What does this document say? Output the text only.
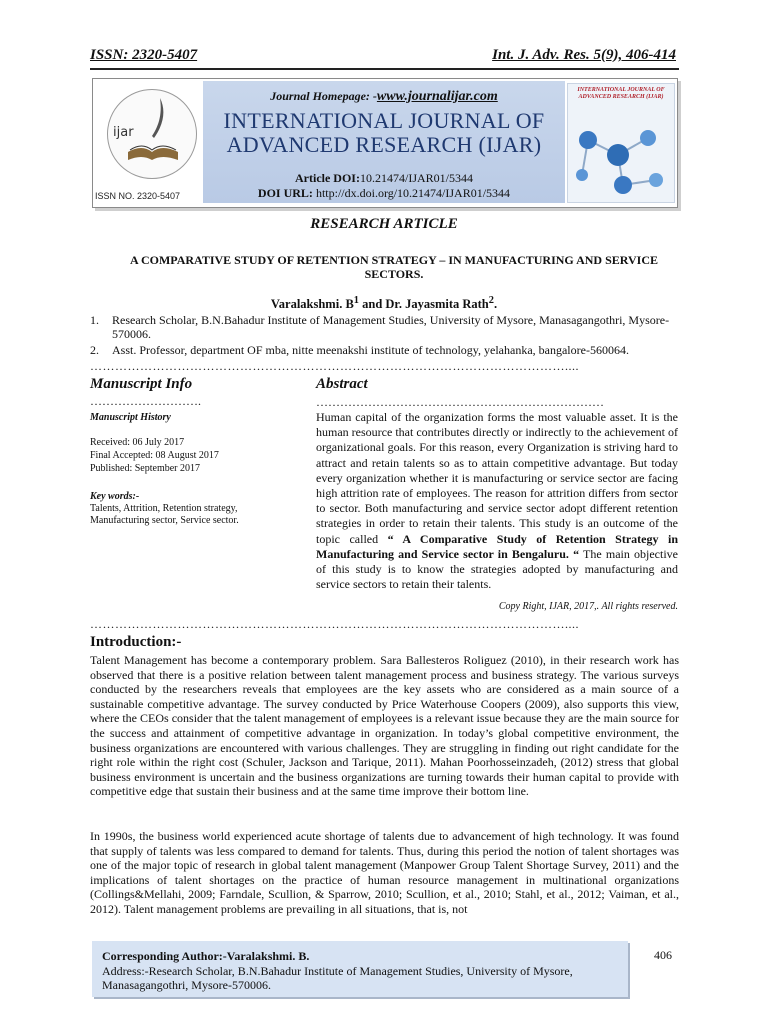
ISSN: 2320-5407	Int. J. Adv. Res. 5(9), 406-414
ijar
ISSN NO. 2320-5407
Journal Homepage: -www.journalijar.com
INTERNATIONAL JOURNAL OF
ADVANCED RESEARCH (IJAR)
Article DOI:10.21474/IJAR01/5344
DOI URL: http://dx.doi.org/10.21474/IJAR01/5344
INTERNATIONAL JOURNAL OF ADVANCED RESEARCH (IJAR)
RESEARCH ARTICLE
A COMPARATIVE STUDY OF RETENTION STRATEGY – IN MANUFACTURING AND SERVICE SECTORS.
Varalakshmi. $B^1$ and Dr. Jayasmita Rath$^2$.
1. Research Scholar, B.N.Bahadur Institute of Management Studies, University of Mysore, Manasagangothri, Mysore-570006.
2. Asst. Professor, department OF mba, nitte meenakshi institute of technology, yelahanka, bangalore-560064.
……………………………………………………………………………………………………....
Manuscript Info
……………………….
Manuscript History
Received: 06 July 2017
Final Accepted: 08 August 2017
Published: September 2017
Key words:-
Talents, Attrition, Retention strategy,
Manufacturing sector, Service sector.
Abstract
………………………………………………………………
Human capital of the organization forms the most valuable asset. It is the human resource that contributes directly or indirectly to the achievement of organizational goals. For this reason, every Organization is striving hard to attract and retain talents so as to attain competitive advantage. But today every organization whether it is manufacturing or service sector are facing high attrition rate of employees. The reason for attrition differs from sector to sector. Both manufacturing and service sector adopt different retention strategies in order to retain their talents. This study is an outcome of the topic called “ A Comparative Study of Retention Strategy in Manufacturing and Service sector in Bengaluru. “ The main objective of this study is to know the strategies adopted by manufacturing and service sectors to retain their talents.
Copy Right, IJAR, 2017,. All rights reserved.
……………………………………………………………………………………………………....
Introduction:-
Talent Management has become a contemporary problem. Sara Ballesteros Roliguez (2010), in their research work has observed that there is a positive relation between talent management process and business strategy. The various surveys conducted by the researchers reveals that employees are the key assets who are considered as a main source of a sustainable competitive advantage. The survey conducted by Price Waterhouse Coopers (2009), also supports this view, where the CEOs consider that the talent management of employees is a relevant issue because they are the main source for the success and attainment of competitive advantage in organization. In today’s global competitive environment, the business organizations are encountered with various challenges. They are struggling in finding out right candidate for the right role within the right cost (Schuler, Jackson and Tarique, 2011). Mahan Poorhosseinzadeh, (2012) stress that global business environment is uncertain and the business organizations are turning towards their human capital to provide with competitive edge that sustain their business and at the same time improve their bottom line.
In 1990s, the business world experienced acute shortage of talents due to advancement of high technology. It was found that supply of talents was less compared to demand for talents. Thus, during this period the notion of talent shortages was one of the major topic of research in global talent management (Manpower Group Talent Shortage Survey, 2011) and the implications of talent shortages on the practice of human resource management in multinational organizations (Collings&Mellahi, 2009; Farndale, Scullion, & Sparrow, 2010; Scullion, et al., 2010; Stahl, et al., 2012; Vaiman, et al., 2012). Talent management problems are prevailing in all situations, that is, not
Corresponding Author:-Varalakshmi. B.
Address:-Research Scholar, B.N.Bahadur Institute of Management Studies, University of Mysore, Manasagangothri, Mysore-570006.
406
